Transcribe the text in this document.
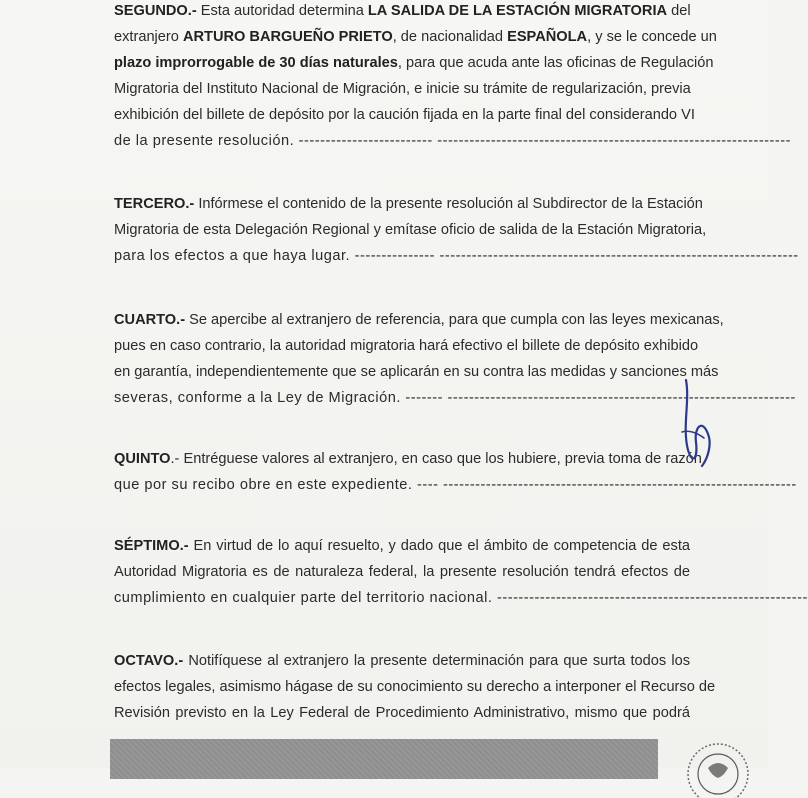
SEGUNDO.- Esta autoridad determina LA SALIDA DE LA ESTACIÓN MIGRATORIA del
extranjero ARTURO BARGUEÑO PRIETO, de nacionalidad ESPAÑOLA, y se le concede un
plazo improrrogable de 30 días naturales, para que acuda ante las oficinas de Regulación
Migratoria del Instituto Nacional de Migración, e inicie su trámite de regularización, previa
exhibición del billete de depósito por la caución fijada en la parte final del considerando VI
de la presente resolución. ------------------------- ------------------------------------------------------------------
TERCERO.- Infórmese el contenido de la presente resolución al Subdirector de la Estación
Migratoria de esta Delegación Regional y emítase oficio de salida de la Estación Migratoria,
para los efectos a que haya lugar. --------------- -------------------------------------------------------------------
CUARTO.- Se apercibe al extranjero de referencia, para que cumpla con las leyes mexicanas,
pues en caso contrario, la autoridad migratoria hará efectivo el billete de depósito exhibido
en garantía, independientemente que se aplicarán en su contra las medidas y sanciones más
severas, conforme a la Ley de Migración. ------- -----------------------------------------------------------------
QUINTO.- Entréguese valores al extranjero, en caso que los hubiere, previa toma de razón
que por su recibo obre en este expediente. ---- ------------------------------------------------------------------
SÉPTIMO.- En virtud de lo aquí resuelto, y dado que el ámbito de competencia de esta
Autoridad Migratoria es de naturaleza federal, la presente resolución tendrá efectos de
cumplimiento en cualquier parte del territorio nacional. ----------------------------------------------------------
OCTAVO.- Notifíquese al extranjero la presente determinación para que surta todos los
efectos legales, asimismo hágase de su conocimiento su derecho a interponer el Recurso de
Revisión previsto en la Ley Federal de Procedimiento Administrativo, mismo que podrá
